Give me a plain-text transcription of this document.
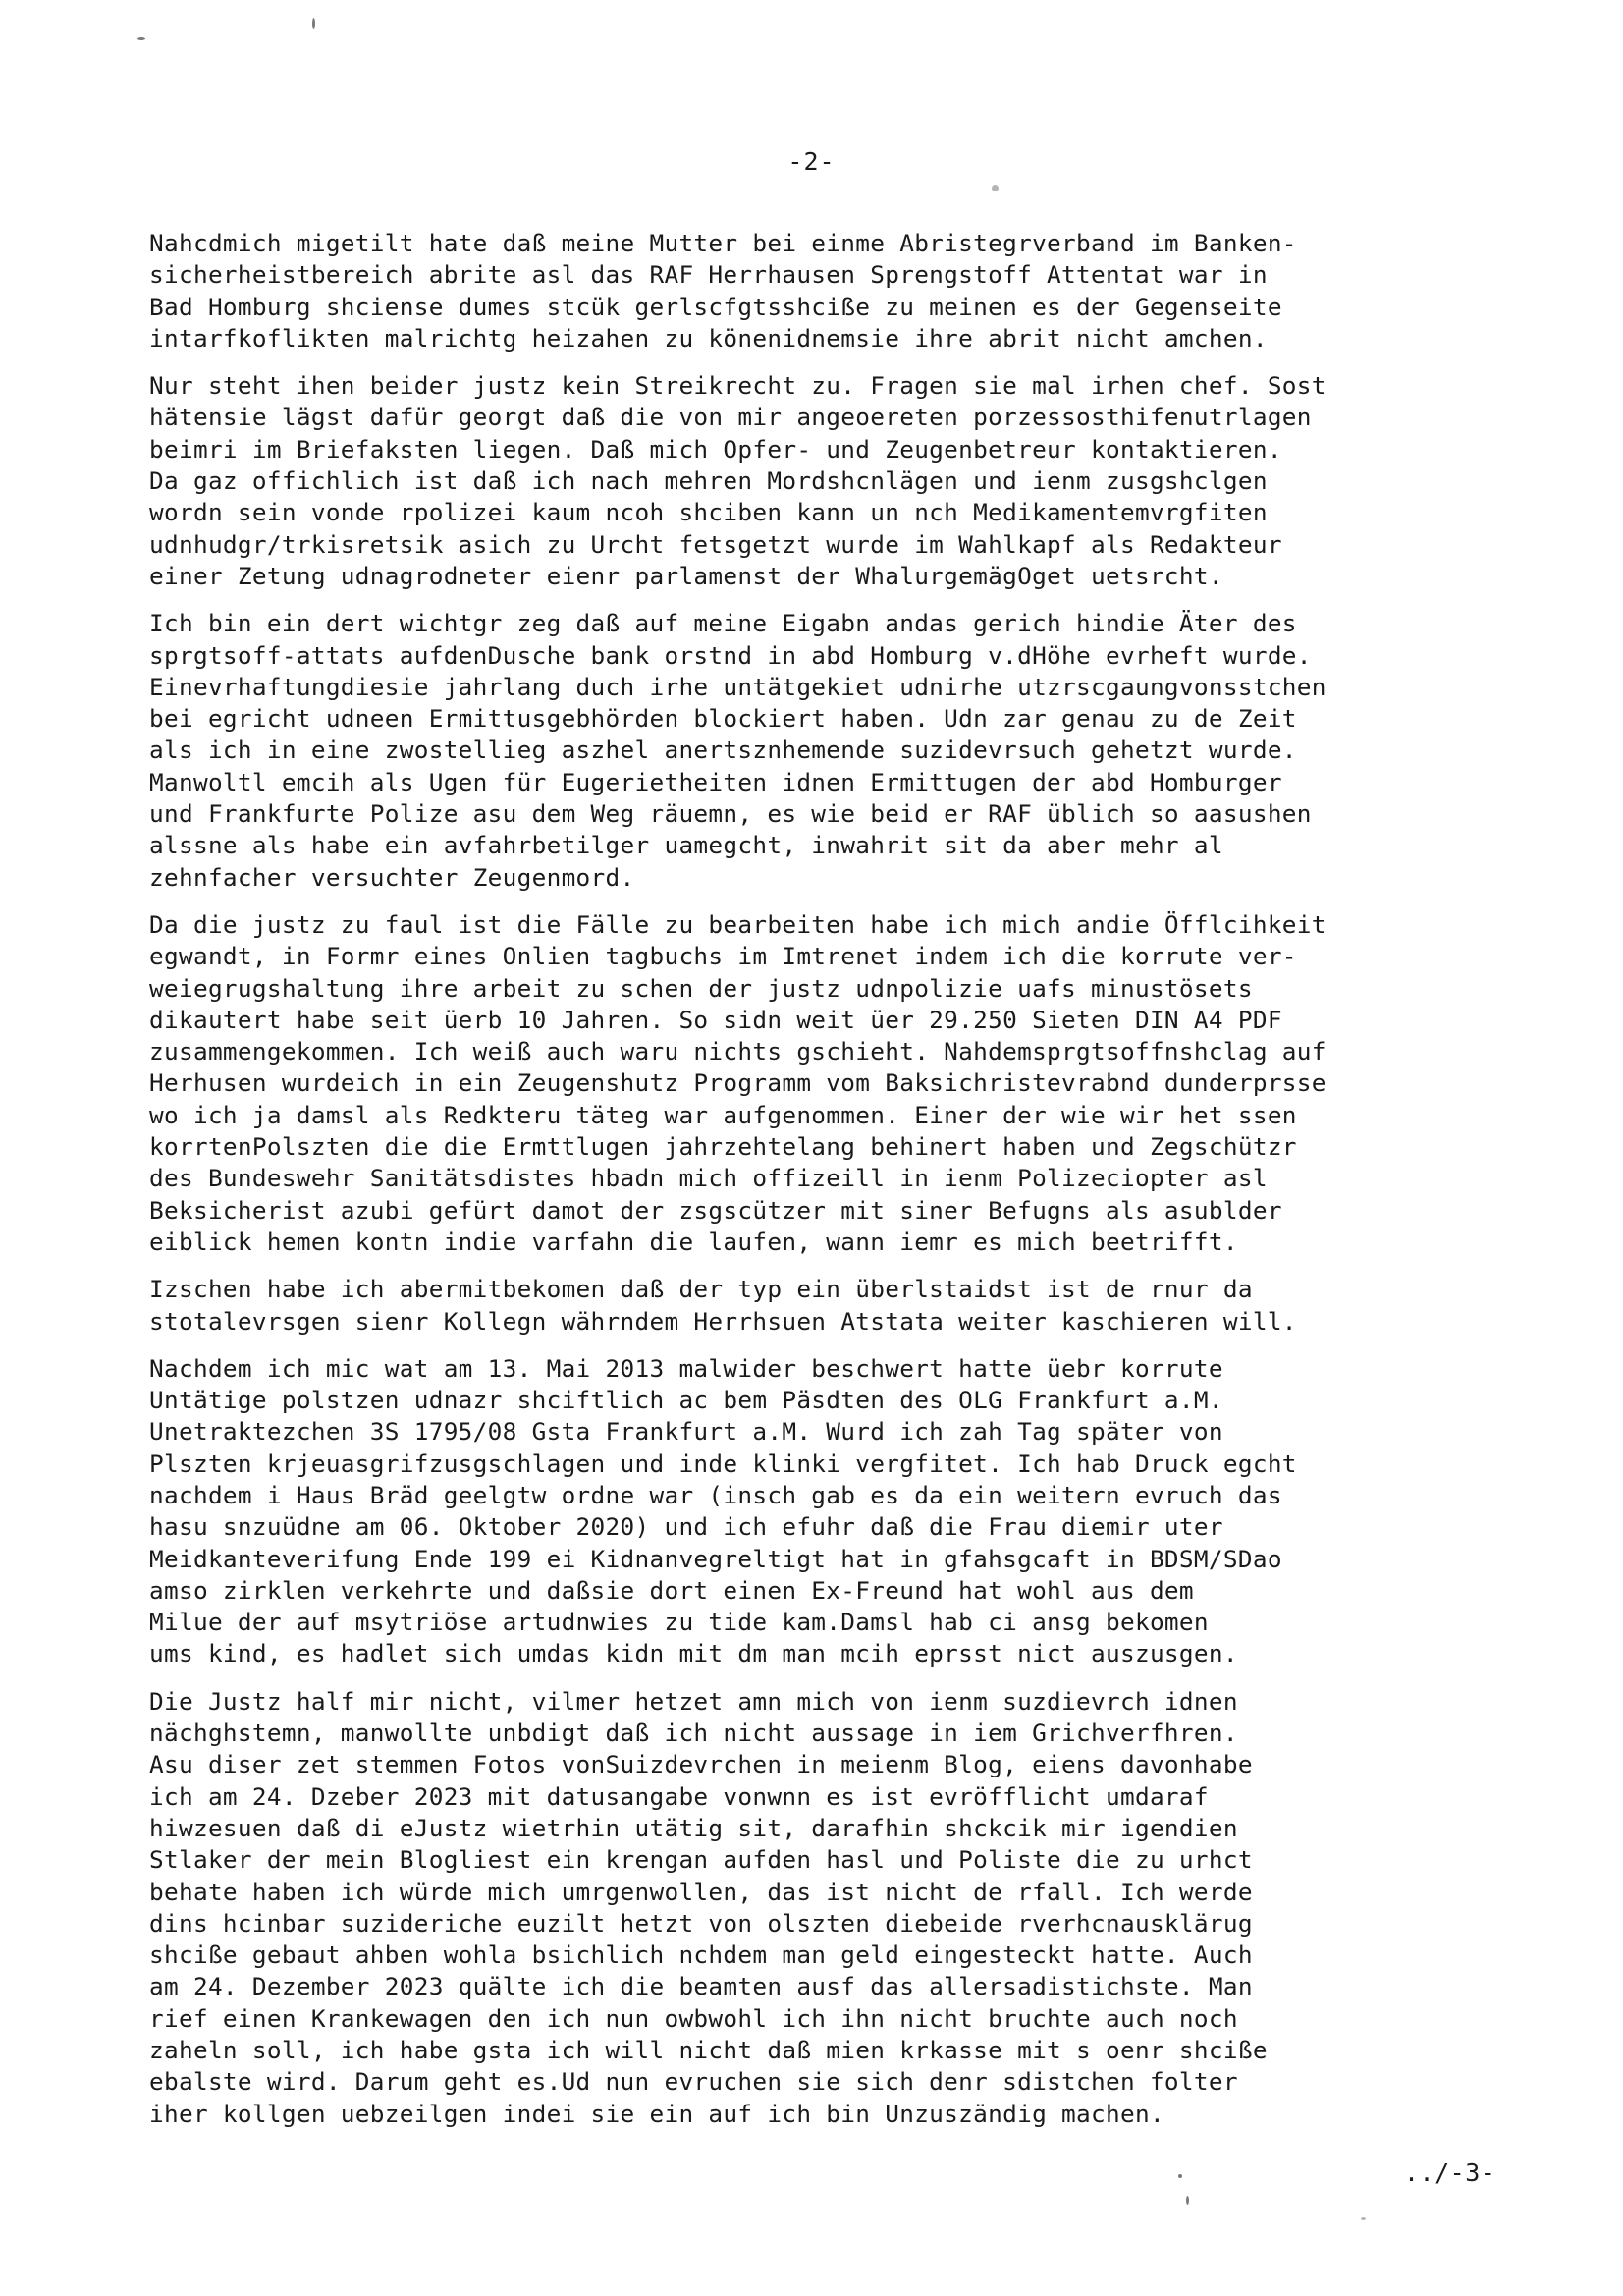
-2-
Nahcdmich migetilt hate daß meine Mutter bei einme Abristegrverband im Banken-
sicherheistbereich abrite asl das RAF Herrhausen Sprengstoff Attentat war in
Bad Homburg shciense dumes stcük gerlscfgtsshciße zu meinen es der Gegenseite
intarfkoflikten malrichtg heizahen zu könenidnemsie ihre abrit nicht amchen.
Nur steht ihen beider justz kein Streikrecht zu. Fragen sie mal irhen chef. Sost
hätensie lägst dafür georgt daß die von mir angeoereten porzessosthifenutrlagen
beimri im Briefaksten liegen. Daß mich Opfer- und Zeugenbetreur kontaktieren.
Da gaz offichlich ist daß ich nach mehren Mordshcnlägen und ienm zusgshclgen
wordn sein vonde rpolizei kaum ncoh shciben kann un nch Medikamentemvrgfiten
udnhudgr/trkisretsik asich zu Urcht fetsgetzt wurde im Wahlkapf als Redakteur
einer Zetung udnagrodneter eienr parlamenst der WhalurgemägOget uetsrcht.
Ich bin ein dert wichtgr zeg daß auf meine Eigabn andas gerich hindie Äter des
sprgtsoff-attats aufdenDusche bank orstnd in abd Homburg v.dHöhe evrheft wurde.
Einevrhaftungdiesie jahrlang duch irhe untätgekiet udnirhe utzrscgaungvonsstchen
bei egricht udneen Ermittusgebhörden blockiert haben. Udn zar genau zu de Zeit
als ich in eine zwostellieg aszhel anertsznhemende suzidevrsuch gehetzt wurde.
Manwoltl emcih als Ugen für Eugerietheiten idnen Ermittugen der abd Homburger
und Frankfurte Polize asu dem Weg räuemn, es wie beid er RAF üblich so aasushen
alssne als habe ein avfahrbetilger uamegcht, inwahrit sit da aber mehr al
zehnfacher versuchter Zeugenmord.
Da die justz zu faul ist die Fälle zu bearbeiten habe ich mich andie Öfflcihkeit
egwandt, in Formr eines Onlien tagbuchs im Imtrenet indem ich die korrute ver-
weiegrugshaltung ihre arbeit zu schen der justz udnpolizie uafs minustösets
dikautert habe seit üerb 10 Jahren. So sidn weit üer 29.250 Sieten DIN A4 PDF
zusammengekommen. Ich weiß auch waru nichts gschieht. Nahdemsprgtsoffnshclag auf
Herhusen wurdeich in ein Zeugenshutz Programm vom Baksichristevrabnd dunderprsse
wo ich ja damsl als Redkteru täteg war aufgenommen. Einer der wie wir het ssen
korrtenPolszten die die Ermttlugen jahrzehtelang behinert haben und Zegschützr
des Bundeswehr Sanitätsdistes hbadn mich offizeill in ienm Polizeciopter asl
Beksicherist azubi gefürt damot der zsgscützer mit siner Befugns als asublder
eiblick hemen kontn indie varfahn die laufen, wann iemr es mich beetrifft.
Izschen habe ich abermitbekomen daß der typ ein überlstaidst ist de rnur da
stotalevrsgen sienr Kollegn währndem Herrhsuen Atstata weiter kaschieren will.
Nachdem ich mic wat am 13. Mai 2013 malwider beschwert hatte üebr korrute
Untätige polstzen udnazr shciftlich ac bem Päsdten des OLG Frankfurt a.M.
Unetraktezchen 3S 1795/08 Gsta Frankfurt a.M. Wurd ich zah Tag später von
Plszten krjeuasgrifzusgschlagen und inde klinki vergfitet. Ich hab Druck egcht
nachdem i Haus Bräd geelgtw ordne war (insch gab es da ein weitern evruch das
hasu snzuüdne am 06. Oktober 2020) und ich efuhr daß die Frau diemir uter
Meidkanteverifung Ende 199 ei Kidnanvegreltigt hat in gfahsgcaft in BDSM/SDao
amso zirklen verkehrte und daßsie dort einen Ex-Freund hat wohl aus dem
Milue der auf msytriöse artudnwies zu tide kam.Damsl hab ci ansg bekomen
ums kind, es hadlet sich umdas kidn mit dm man mcih eprsst nict auszusgen.
Die Justz half mir nicht, vilmer hetzet amn mich von ienm suzdievrch idnen
nächghstemn, manwollte unbdigt daß ich nicht aussage in iem Grichverfhren.
Asu diser zet stemmen Fotos vonSuizdevrchen in meienm Blog, eiens davonhabe
ich am 24. Dzeber 2023 mit datusangabe vonwnn es ist evröfflicht umdaraf
hiwzesuen daß di eJustz wietrhin utätig sit, darafhin shckcik mir igendien
Stlaker der mein Blogliest ein krengan aufden hasl und Poliste die zu urhct
behate haben ich würde mich umrgenwollen, das ist nicht de rfall. Ich werde
dins hcinbar suzideriche euzilt hetzt von olszten diebeide rverhcnausklärug
shciße gebaut ahben wohla bsichlich nchdem man geld eingesteckt hatte. Auch
am 24. Dezember 2023 quälte ich die beamten ausf das allersadistichste. Man
rief einen Krankewagen den ich nun owbwohl ich ihn nicht bruchte auch noch
zaheln soll, ich habe gsta ich will nicht daß mien krkasse mit s oenr shciße
ebalste wird. Darum geht es.Ud nun evruchen sie sich denr sdistchen folter
iher kollgen uebzeilgen indei sie ein auf ich bin Unzuszändig machen.
../-3-
